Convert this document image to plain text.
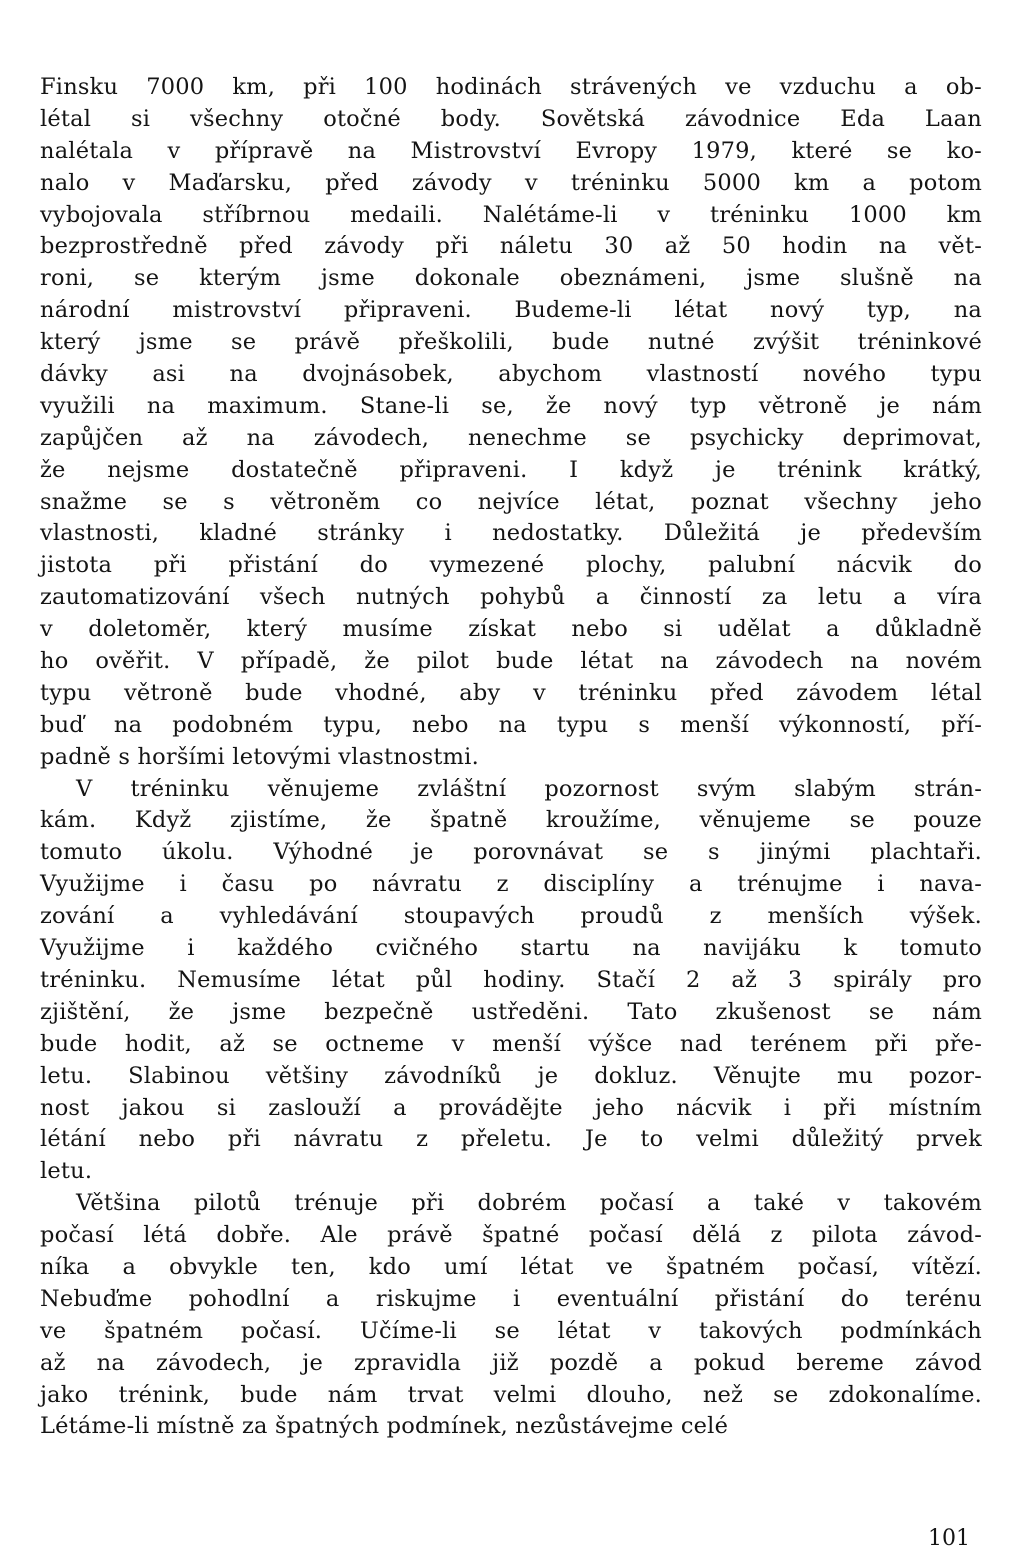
Finsku 7000 km, při 100 hodinách strávených ve vzduchu a ob-
létal si všechny otočné body. Sovětská závodnice Eda Laan
nalétala v přípravě na Mistrovství Evropy 1979, které se ko-
nalo v Maďarsku, před závody v tréninku 5000 km a potom
vybojovala stříbrnou medaili. Nalétáme-li v tréninku 1000 km
bezprostředně před závody při náletu 30 až 50 hodin na vět-
roni, se kterým jsme dokonale obeznámeni, jsme slušně na
národní mistrovství připraveni. Budeme-li létat nový typ, na
který jsme se právě přeškolili, bude nutné zvýšit tréninkové
dávky asi na dvojnásobek, abychom vlastností nového typu
využili na maximum. Stane-li se, že nový typ větroně je nám
zapůjčen až na závodech, nenechme se psychicky deprimovat,
že nejsme dostatečně připraveni. I když je trénink krátký,
snažme se s větroněm co nejvíce létat, poznat všechny jeho
vlastnosti, kladné stránky i nedostatky. Důležitá je především
jistota při přistání do vymezené plochy, palubní nácvik do
zautomatizování všech nutných pohybů a činností za letu a víra
v doletoměr, který musíme získat nebo si udělat a důkladně
ho ověřit. V případě, že pilot bude létat na závodech na novém
typu větroně bude vhodné, aby v tréninku před závodem létal
buď na podobném typu, nebo na typu s menší výkonností, pří-
padně s horšími letovými vlastnostmi.
V tréninku věnujeme zvláštní pozornost svým slabým strán-
kám. Když zjistíme, že špatně kroužíme, věnujeme se pouze
tomuto úkolu. Výhodné je porovnávat se s jinými plachtaři.
Využijme i času po návratu z disciplíny a trénujme i nava-
zování a vyhledávání stoupavých proudů z menších výšek.
Využijme i každého cvičného startu na navijáku k tomuto
tréninku. Nemusíme létat půl hodiny. Stačí 2 až 3 spirály pro
zjištění, že jsme bezpečně ustředěni. Tato zkušenost se nám
bude hodit, až se octneme v menší výšce nad terénem při pře-
letu. Slabinou většiny závodníků je dokluz. Věnujte mu pozor-
nost jakou si zaslouží a provádějte jeho nácvik i při místním
létání nebo při návratu z přeletu. Je to velmi důležitý prvek
letu.
Většina pilotů trénuje při dobrém počasí a také v takovém
počasí létá dobře. Ale právě špatné počasí dělá z pilota závod-
níka a obvykle ten, kdo umí létat ve špatném počasí, vítězí.
Nebuďme pohodlní a riskujme i eventuální přistání do terénu
ve špatném počasí. Učíme-li se létat v takových podmínkách
až na závodech, je zpravidla již pozdě a pokud bereme závod
jako trénink, bude nám trvat velmi dlouho, než se zdokonalíme.
Létáme-li místně za špatných podmínek, nezůstávejme celé
101
